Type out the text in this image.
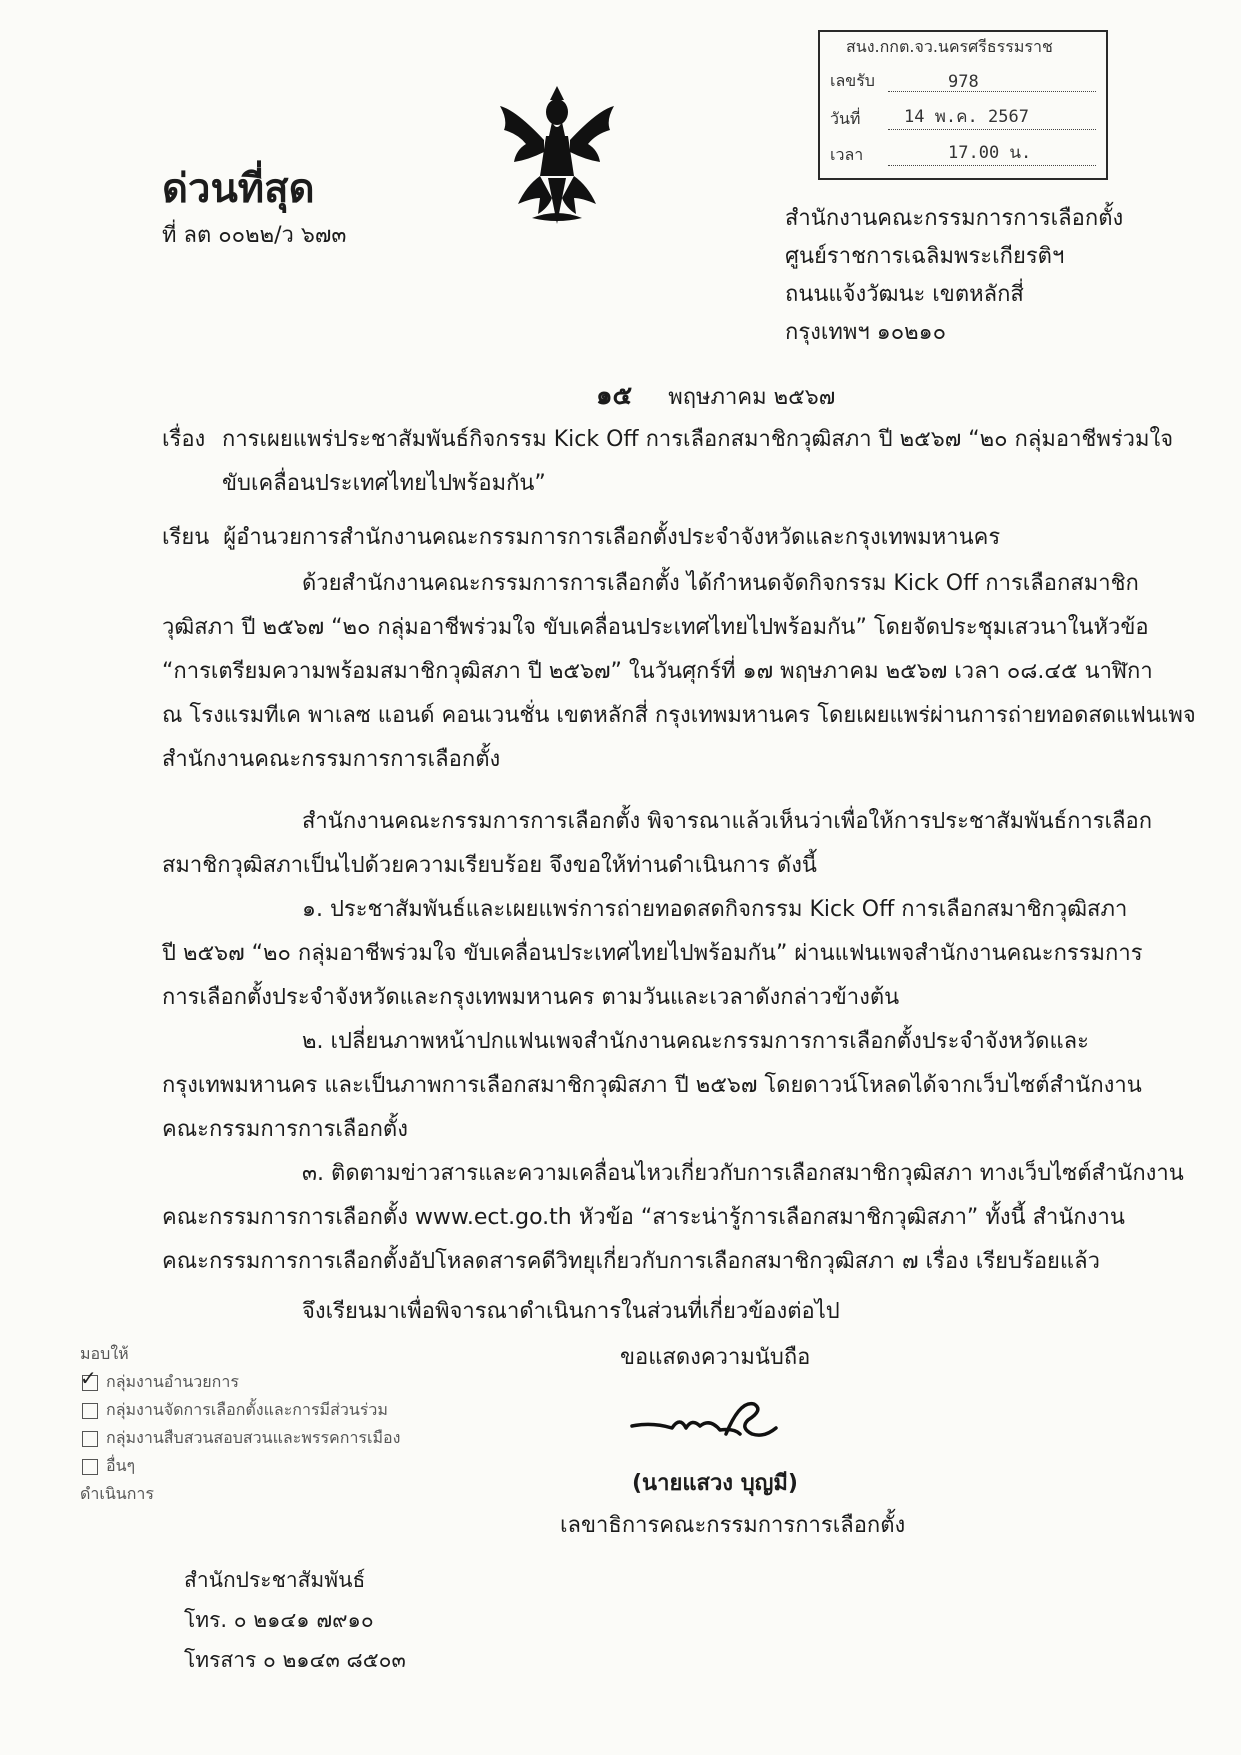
สนง.กกต.จว.นครศรีธรรมราช
เลขรับ	978
วันที่	14 พ.ค. 2567
เวลา	17.00 น.
ด่วนที่สุด
ที่ ลต ๐๐๒๒/ว ๖๗๓
สำนักงานคณะกรรมการการเลือกตั้ง
ศูนย์ราชการเฉลิมพระเกียรติฯ
ถนนแจ้งวัฒนะ เขตหลักสี่
กรุงเทพฯ ๑๐๒๑๐
๑๕ พฤษภาคม ๒๕๖๗
เรื่อง การเผยแพร่ประชาสัมพันธ์กิจกรรม Kick Off การเลือกสมาชิกวุฒิสภา ปี ๒๕๖๗ “๒๐ กลุ่มอาชีพร่วมใจ
ขับเคลื่อนประเทศไทยไปพร้อมกัน”
เรียน ผู้อำนวยการสำนักงานคณะกรรมการการเลือกตั้งประจำจังหวัดและกรุงเทพมหานคร
ด้วยสำนักงานคณะกรรมการการเลือกตั้ง ได้กำหนดจัดกิจกรรม Kick Off การเลือกสมาชิก
วุฒิสภา ปี ๒๕๖๗ “๒๐ กลุ่มอาชีพร่วมใจ ขับเคลื่อนประเทศไทยไปพร้อมกัน” โดยจัดประชุมเสวนาในหัวข้อ
“การเตรียมความพร้อมสมาชิกวุฒิสภา ปี ๒๕๖๗” ในวันศุกร์ที่ ๑๗ พฤษภาคม ๒๕๖๗ เวลา ๐๘.๔๕ นาฬิกา
ณ โรงแรมทีเค พาเลซ แอนด์ คอนเวนชั่น เขตหลักสี่ กรุงเทพมหานคร โดยเผยแพร่ผ่านการถ่ายทอดสดแฟนเพจ
สำนักงานคณะกรรมการการเลือกตั้ง
สำนักงานคณะกรรมการการเลือกตั้ง พิจารณาแล้วเห็นว่าเพื่อให้การประชาสัมพันธ์การเลือก
สมาชิกวุฒิสภาเป็นไปด้วยความเรียบร้อย จึงขอให้ท่านดำเนินการ ดังนี้
๑. ประชาสัมพันธ์และเผยแพร่การถ่ายทอดสดกิจกรรม Kick Off การเลือกสมาชิกวุฒิสภา
ปี ๒๕๖๗ “๒๐ กลุ่มอาชีพร่วมใจ ขับเคลื่อนประเทศไทยไปพร้อมกัน” ผ่านแฟนเพจสำนักงานคณะกรรมการ
การเลือกตั้งประจำจังหวัดและกรุงเทพมหานคร ตามวันและเวลาดังกล่าวข้างต้น
๒. เปลี่ยนภาพหน้าปกแฟนเพจสำนักงานคณะกรรมการการเลือกตั้งประจำจังหวัดและ
กรุงเทพมหานคร และเป็นภาพการเลือกสมาชิกวุฒิสภา ปี ๒๕๖๗ โดยดาวน์โหลดได้จากเว็บไซต์สำนักงาน
คณะกรรมการการเลือกตั้ง
๓. ติดตามข่าวสารและความเคลื่อนไหวเกี่ยวกับการเลือกสมาชิกวุฒิสภา ทางเว็บไซต์สำนักงาน
คณะกรรมการการเลือกตั้ง www.ect.go.th หัวข้อ “สาระน่ารู้การเลือกสมาชิกวุฒิสภา” ทั้งนี้ สำนักงาน
คณะกรรมการการเลือกตั้งอัปโหลดสารคดีวิทยุเกี่ยวกับการเลือกสมาชิกวุฒิสภา ๗ เรื่อง เรียบร้อยแล้ว
จึงเรียนมาเพื่อพิจารณาดำเนินการในส่วนที่เกี่ยวข้องต่อไป
มอบให้
✓ กลุ่มงานอำนวยการ
กลุ่มงานจัดการเลือกตั้งและการมีส่วนร่วม
กลุ่มงานสืบสวนสอบสวนและพรรคการเมือง
อื่นๆ
ดำเนินการ
ขอแสดงความนับถือ
(นายแสวง บุญมี)
เลขาธิการคณะกรรมการการเลือกตั้ง
สำนักประชาสัมพันธ์
โทร. ๐ ๒๑๔๑ ๗๙๑๐
โทรสาร ๐ ๒๑๔๓ ๘๕๐๓
